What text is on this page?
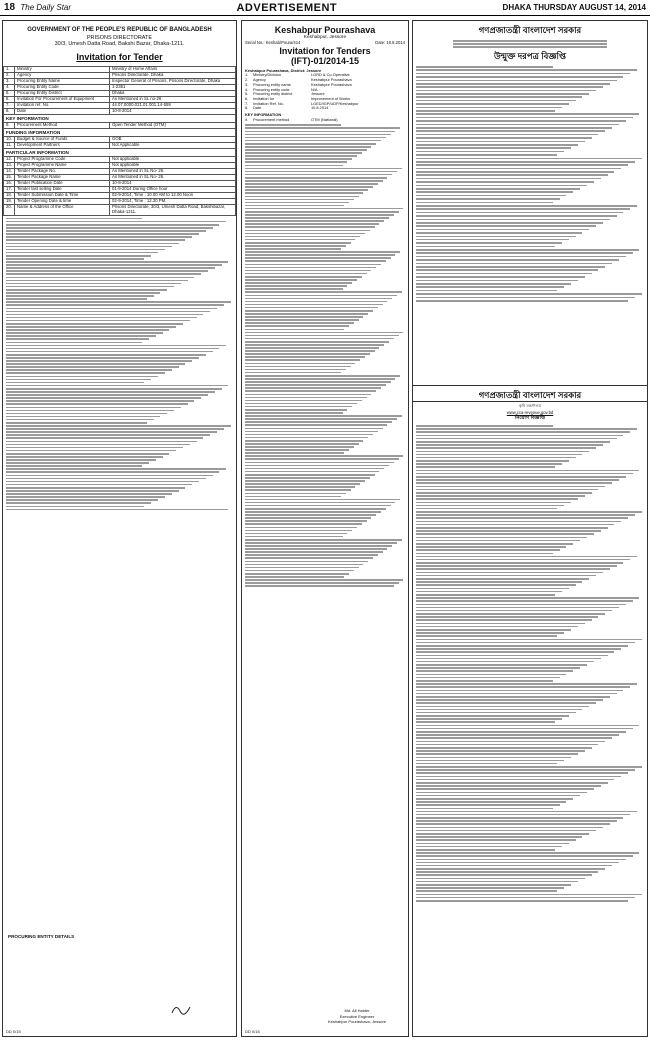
18 The Daily Star	ADVERTISEMENT	DHAKA THURSDAY AUGUST 14, 2014
GOVERNMENT OF THE PEOPLE'S REPUBLIC OF BANGLADESH
PRISONS DIRECTORATE
30/3, Umesh Datta Road, Bakshi Bazar, Dhaka-1211.
Invitation for Tender
1.	Ministry	Ministry of Home Affairs
2.	Agency	Prisons Directorate, Dhaka
3.	Procuring Entity Name	Inspector General of Prisons, Prisons Directorate, Dhaka
4.	Procuring Entity Code	1-2351
5.	Procuring Entity District	Dhaka
6.	Invitation For Procurement of Equipment	As Mentioned in SL no-26
7.	Invitation ref. No.	44.07.0000.021.01.001.14-559
8.	Date	10-8-2014
KEY INFORMATION		
9.	Procurement Method	Open Tender Method (OTM)
FUNDING INFORMATION		
10.	Budget & Source of Funds	GOB
11.	Development Partners	Not Applicable
PARTICULAR INFORMATION		
12.	Project Programme Code	Not applicable
13.	Project Programme Name	Not applicable
14.	Tender Package No.	As Mentioned in SL No- 26.
15.	Tender Package Name	As Mentioned in SL No- 26.
16.	Tender Publication Date	10-8-2014
17.	Tender last selling Date	01-9-2014 During Office hour
18.	Tender Submission Date & Time	02-9-2014, Time : 10.00 AM to 12.00 Noon
19.	Tender Opening Date & time	02-9-2014, Time : 12.30 PM.
20.	Name & Address of the Office	Prisons Directorate, 30/3, Umesh Datta Road, Bakshibazar, Dhaka-1211.
PROCURING ENTITY DETAILS
DD 0/15
Keshabpur Pourashava
Keshabpur, Jessore
Serial No.: Keshab/Poura/414	Date: 10.8.2014
Invitation for Tenders
(IFT)-01/2014-15
Keshabpur Pourashava, District: Jessore
1.	Ministry/Division	LGRD & Co-Operative
2.	Agency	Keshabpur Pourashava
3.	Procuring entity name	Keshabpur Pourashava
4.	Procuring entity code	N/A
5.	Procuring entity district	Jessore
6.	Invitation for	Improvement of Works
7.	Invitation Ref. No.	LGED/IGP/UDP/Keshabpur
8.	Date	10.8.2014
KEY INFORMATION
9.	Procurement method	OTM (National)
Md. Ali Haider
Executive Engineer
Keshabpur Pourashava, Jessore
DD 0/15
গণপ্রজাতন্ত্রী বাংলাদেশ সরকার
উন্মুক্ত দরপত্র বিজ্ঞপ্তি
গণপ্রজাতন্ত্রী বাংলাদেশ সরকার
কৃষি মন্ত্রণালয়
www.cca-revenue.gov.bd
নিয়োগ বিজ্ঞপ্তি
